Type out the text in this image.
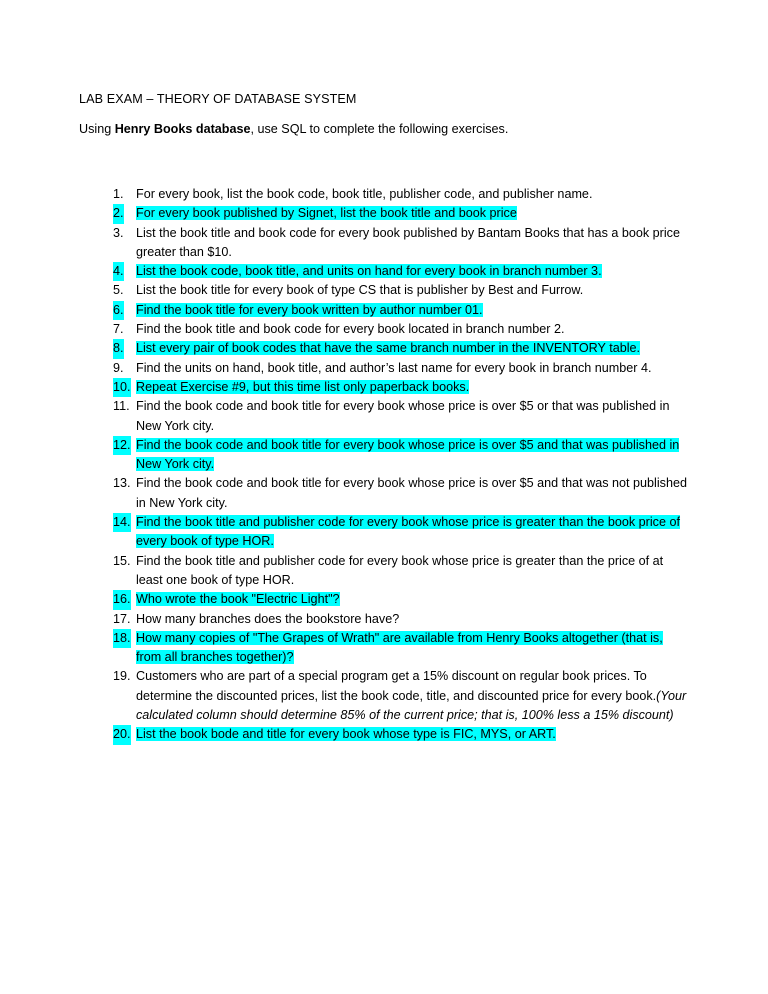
LAB EXAM – THEORY OF DATABASE SYSTEM
Using Henry Books database, use SQL to complete the following exercises.
1. For every book, list the book code, book title, publisher code, and publisher name.
2. For every book published by Signet, list the book title and book price
3. List the book title and book code for every book published by Bantam Books that has a book price greater than $10.
4. List the book code, book title, and units on hand for every book in branch number 3.
5. List the book title for every book of type CS that is publisher by Best and Furrow.
6. Find the book title for every book written by author number 01.
7. Find the book title and book code for every book located in branch number 2.
8. List every pair of book codes that have the same branch number in the INVENTORY table.
9. Find the units on hand, book title, and author’s last name for every book in branch number 4.
10. Repeat Exercise #9, but this time list only paperback books.
11. Find the book code and book title for every book whose price is over $5 or that was published in New York city.
12. Find the book code and book title for every book whose price is over $5 and that was published in New York city.
13. Find the book code and book title for every book whose price is over $5 and that was not published in New York city.
14. Find the book title and publisher code for every book whose price is greater than the book price of every book of type HOR.
15. Find the book title and publisher code for every book whose price is greater than the price of at least one book of type HOR.
16. Who wrote the book "Electric Light"?
17. How many branches does the bookstore have?
18. How many copies of "The Grapes of Wrath" are available from Henry Books altogether (that is, from all branches together)?
19. Customers who are part of a special program get a 15% discount on regular book prices. To determine the discounted prices, list the book code, title, and discounted price for every book.(Your calculated column should determine 85% of the current price; that is, 100% less a 15% discount)
20. List the book bode and title for every book whose type is FIC, MYS, or ART.
